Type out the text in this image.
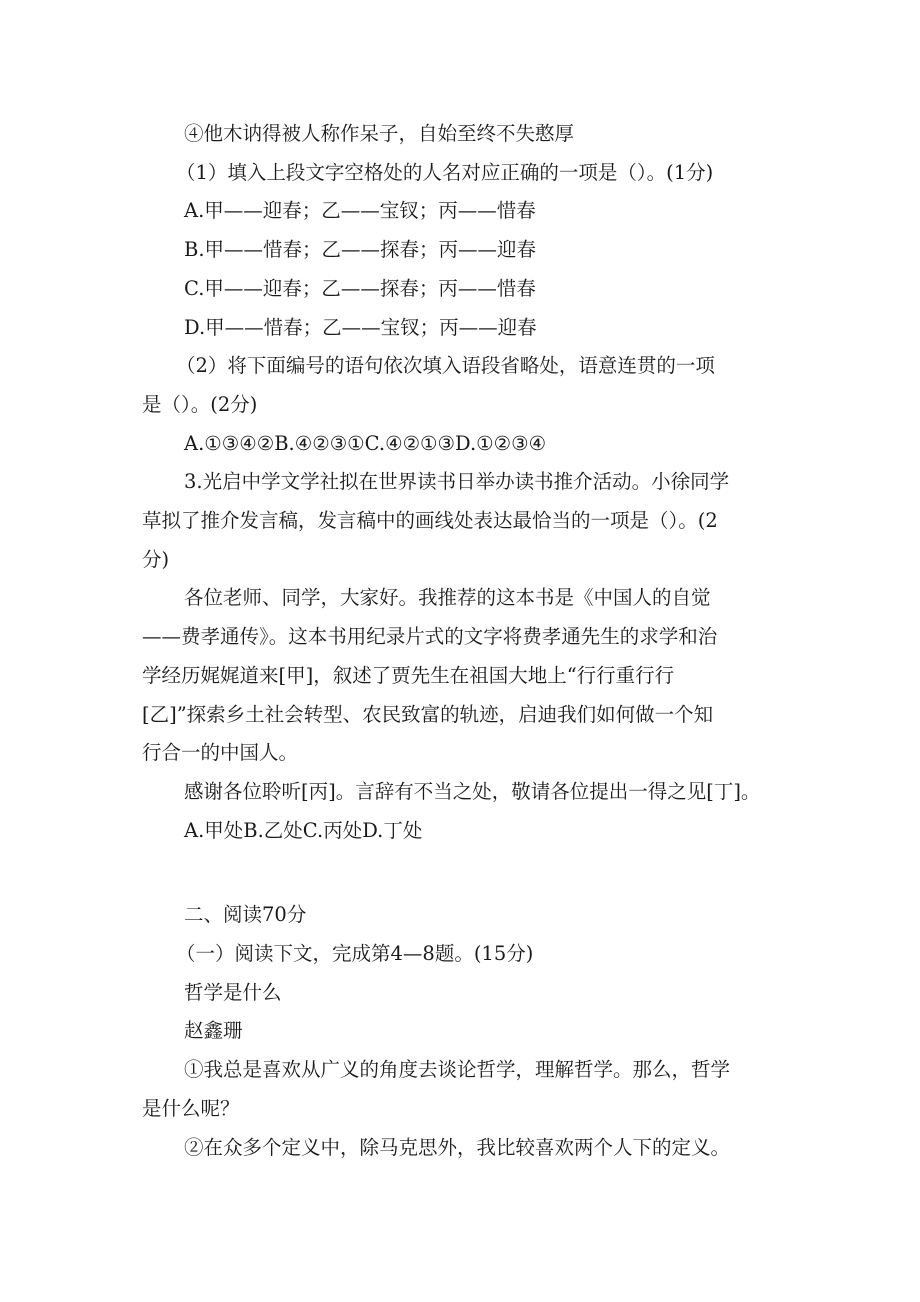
④他木讷得被人称作呆子，自始至终不失憨厚

（1）填入上段文字空格处的人名对应正确的一项是（）。(1分)

A.甲——迎春；乙——宝钗；丙——惜春

B.甲——惜春；乙——探春；丙——迎春

C.甲——迎春；乙——探春；丙——惜春

D.甲——惜春；乙——宝钗；丙——迎春

（2）将下面编号的语句依次填入语段省略处，语意连贯的一项

是（）。(2分)

A.①③④②B.④②③①C.④②①③D.①②③④

3.光启中学文学社拟在世界读书日举办读书推介活动。小徐同学

草拟了推介发言稿，发言稿中的画线处表达最恰当的一项是（）。(2

分)

各位老师、同学，大家好。我推荐的这本书是《中国人的自觉

——费孝通传》。这本书用纪录片式的文字将费孝通先生的求学和治

学经历娓娓道来[甲]，叙述了贾先生在祖国大地上“行行重行行

[乙]”探索乡土社会转型、农民致富的轨迹，启迪我们如何做一个知

行合一的中国人。

感谢各位聆听[丙]。言辞有不当之处，敬请各位提出一得之见[丁]。

A.甲处B.乙处C.丙处D.丁处

二、阅读70分

（一）阅读下文，完成第4—8题。(15分)

哲学是什么

赵鑫珊

①我总是喜欢从广义的角度去谈论哲学，理解哲学。那么，哲学

是什么呢？

②在众多个定义中，除马克思外，我比较喜欢两个人下的定义。
